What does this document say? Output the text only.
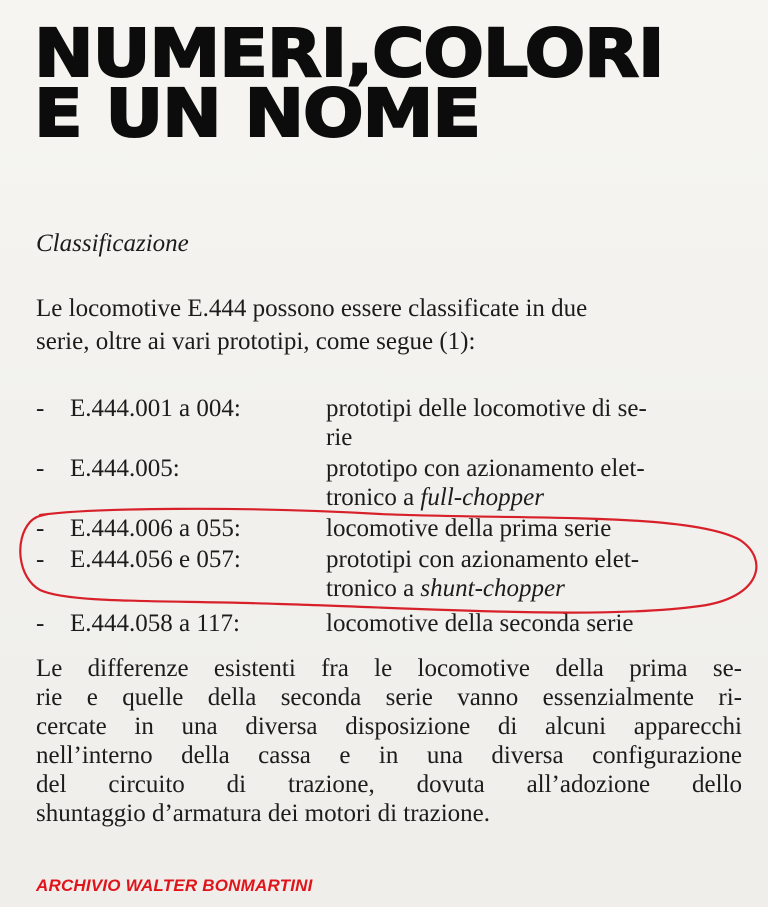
NUMERI,COLORI
E UN NOME
Classificazione
Le locomotive E.444 possono essere classificate in due
serie, oltre ai vari prototipi, come segue (1):
-	E.444.001 a 004:	prototipi delle locomotive di se-
rie
-	E.444.005:	prototipo con azionamento elet-
tronico a full-chopper
-	E.444.006 a 055:	locomotive della prima serie
-	E.444.056 e 057:	prototipi con azionamento elet-
tronico a shunt-chopper
-	E.444.058 a 117:	locomotive della seconda serie
Le differenze esistenti fra le locomotive della prima se-
rie e quelle della seconda serie vanno essenzialmente ri-
cercate in una diversa disposizione di alcuni apparecchi
nell’interno della cassa e in una diversa configurazione
del circuito di trazione, dovuta all’adozione dello
shuntaggio d’armatura dei motori di trazione.
ARCHIVIO WALTER BONMARTINI
